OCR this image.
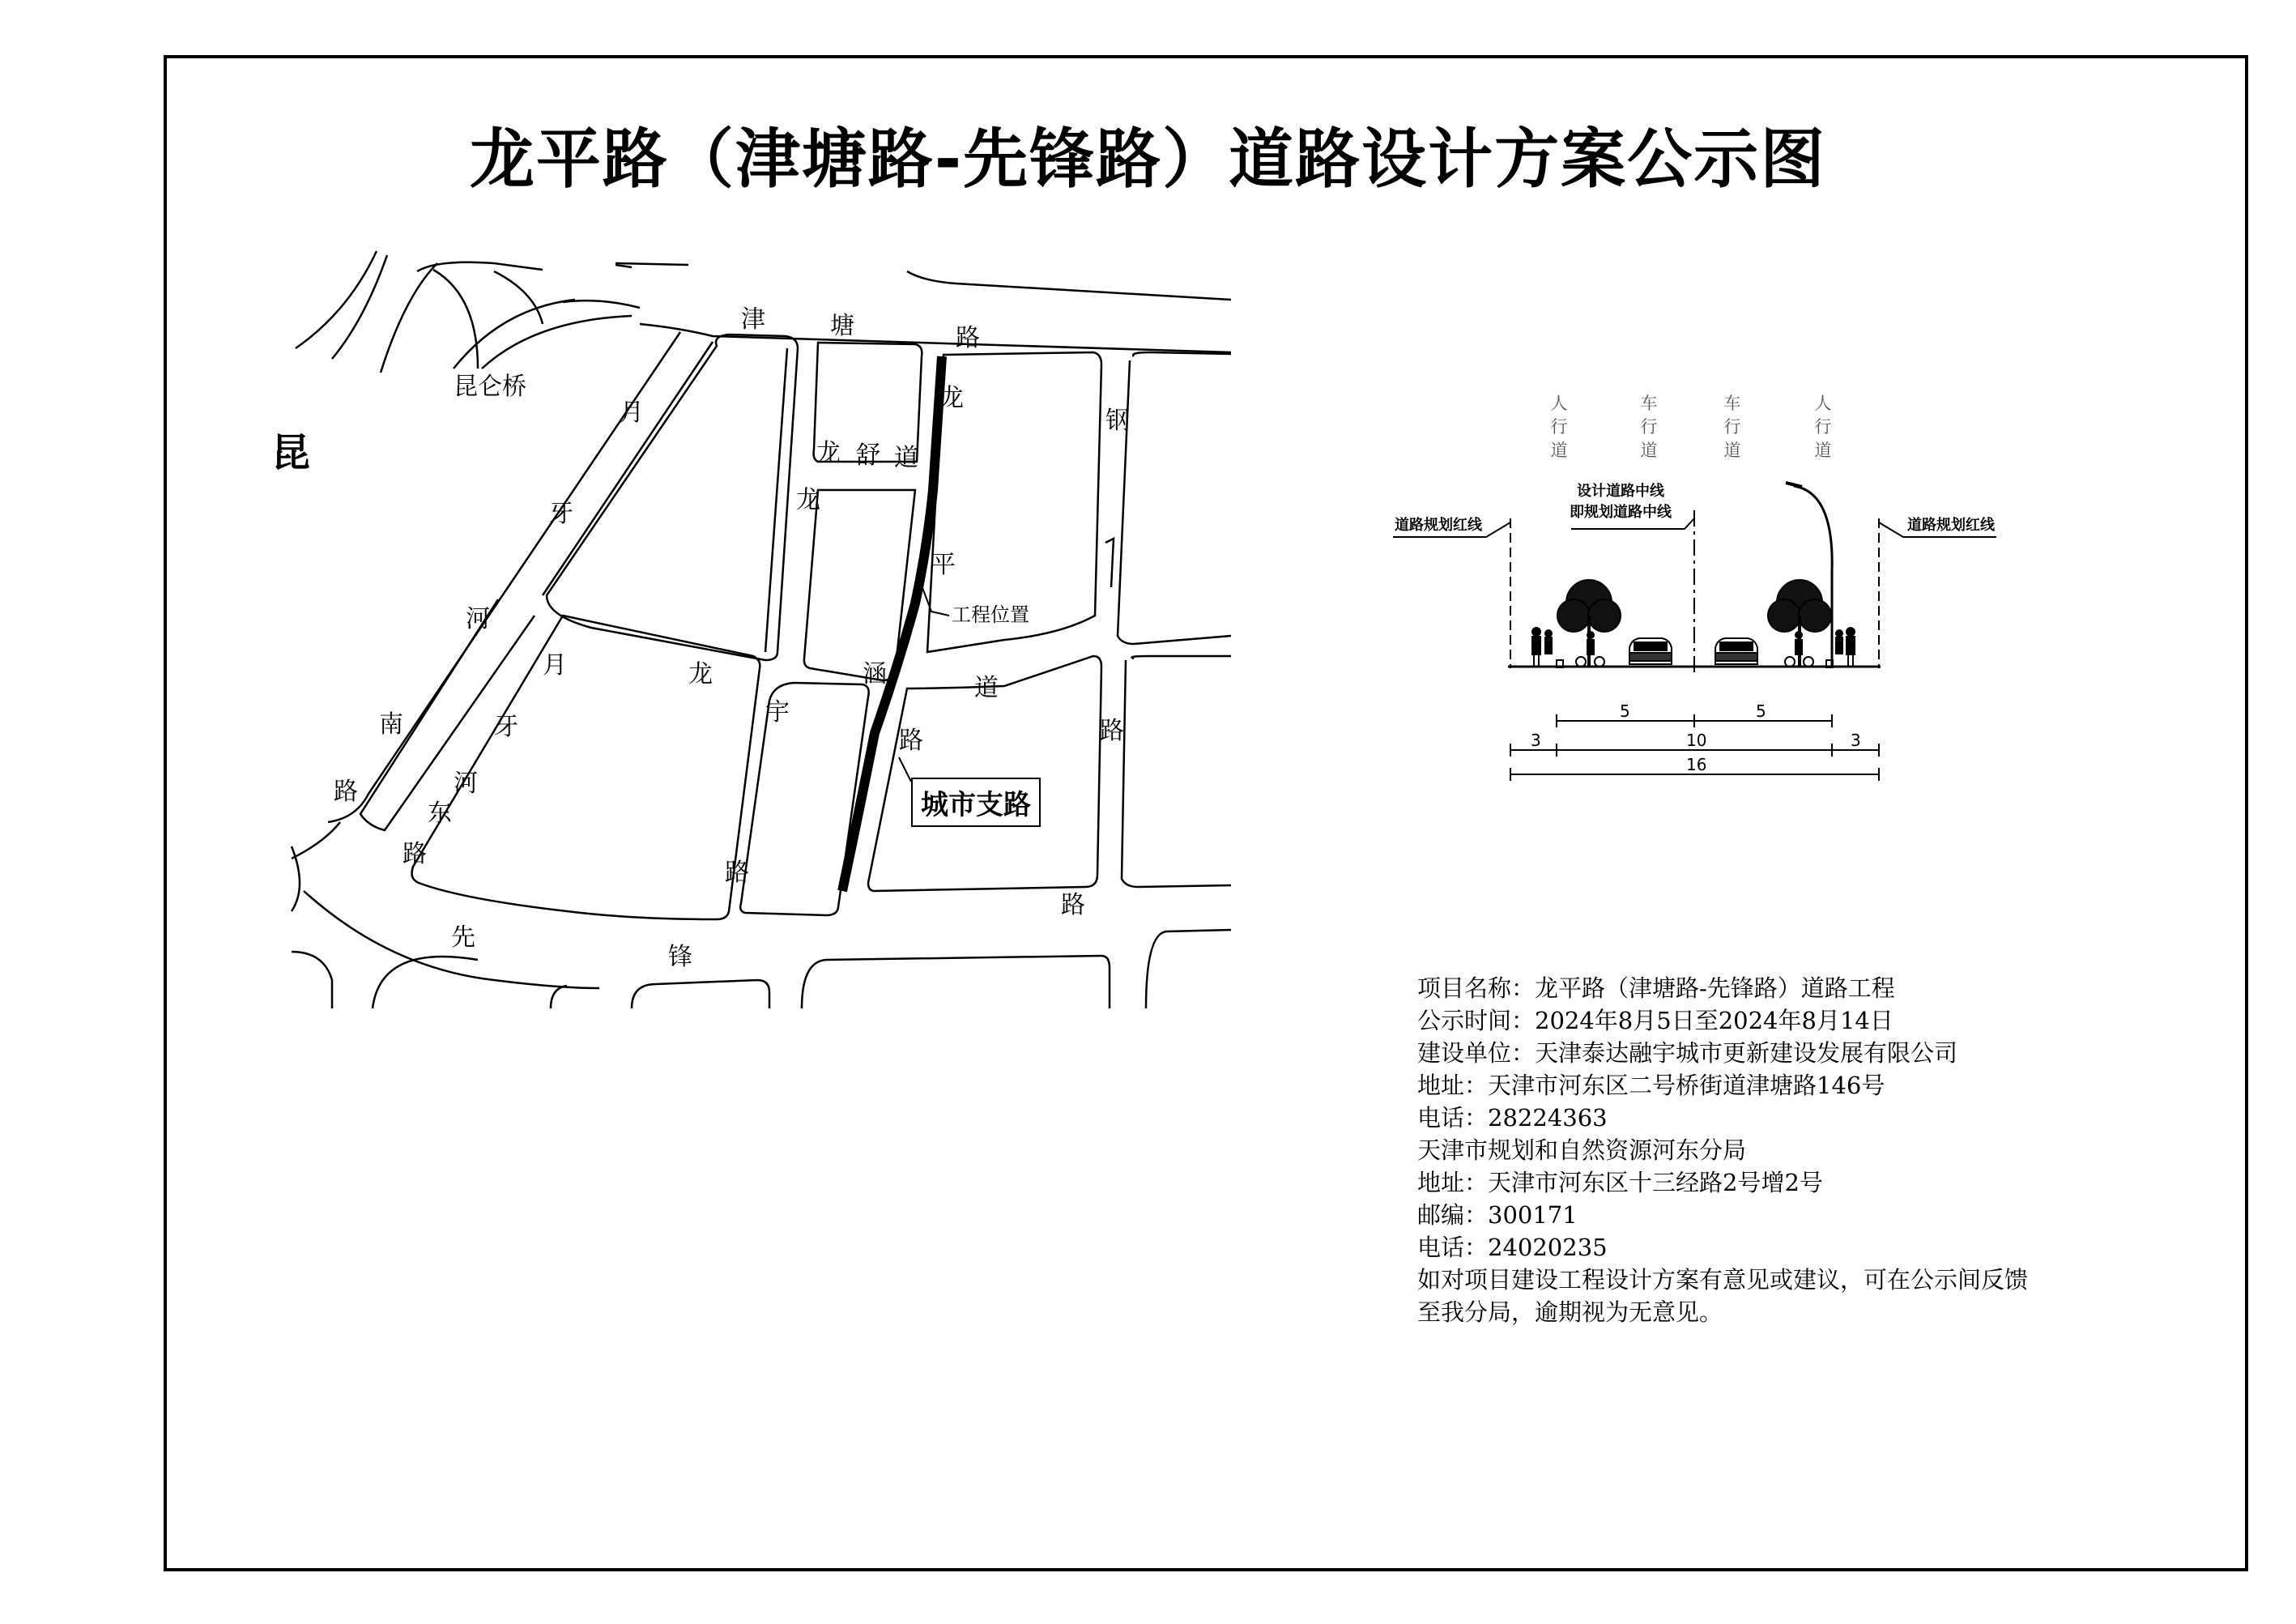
龙平路（津塘路-先锋路）道路设计方案公示图
津	塘	路
昆仑桥
昆
月
牙
河
南
路
月
牙
河
东
路
龙 舒 道
龙
平
龙
龙	涵	道
宇
路
路
钢
路
先
锋
路
工程位置
城市支路
人行道
车行道
车行道
人行道
设计道路中线
即规划道路中线
道路规划红线	道路规划红线
5	5
3	10	3
16
项目名称：龙平路（津塘路-先锋路）道路工程
公示时间：2024年8月5日至2024年8月14日
建设单位：天津泰达融宇城市更新建设发展有限公司
地址：天津市河东区二号桥街道津塘路146号
电话：28224363
天津市规划和自然资源河东分局
地址：天津市河东区十三经路2号增2号
邮编：300171
电话：24020235
如对项目建设工程设计方案有意见或建议，可在公示间反馈
至我分局，逾期视为无意见。
